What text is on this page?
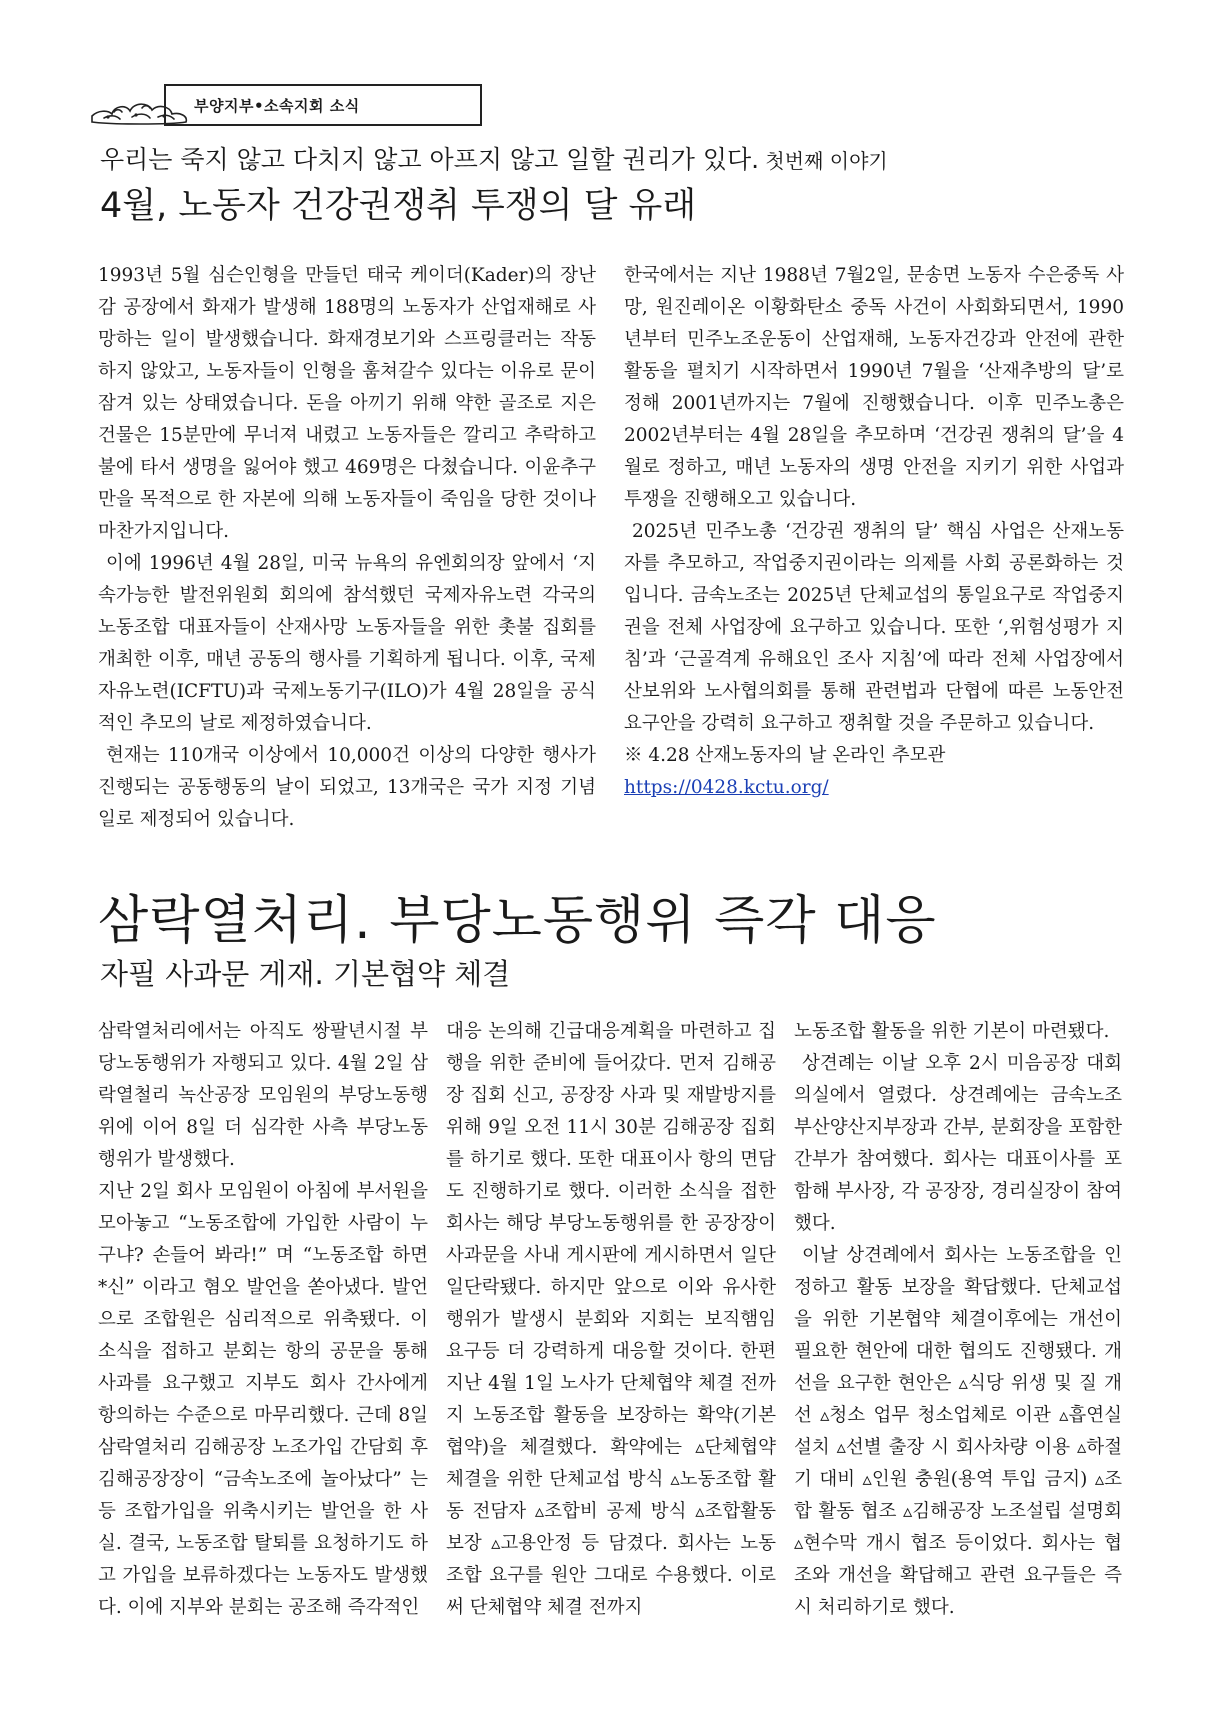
부양지부•소속지회 소식
우리는 죽지 않고 다치지 않고 아프지 않고 일할 권리가 있다. 첫번째 이야기
4월, 노동자 건강권쟁취 투쟁의 달 유래

1993년 5월 심슨인형을 만들던 태국 케이더(Kader)의 장난감 공장에서 화재가 발생해 188명의 노동자가 산업재해로 사망하는 일이 발생했습니다. 화재경보기와 스프링클러는 작동하지 않았고, 노동자들이 인형을 훔쳐갈수 있다는 이유로 문이 잠겨 있는 상태였습니다. 돈을 아끼기 위해 약한 골조로 지은 건물은 15분만에 무너져 내렸고 노동자들은 깔리고 추락하고 불에 타서 생명을 잃어야 했고 469명은 다쳤습니다. 이윤추구만을 목적으로 한 자본에 의해 노동자들이 죽임을 당한 것이나 마찬가지입니다.

이에 1996년 4월 28일, 미국 뉴욕의 유엔회의장 앞에서 ‘지속가능한 발전위원회 회의에 참석했던 국제자유노련 각국의 노동조합 대표자들이 산재사망 노동자들을 위한 촛불 집회를 개최한 이후, 매년 공동의 행사를 기획하게 됩니다. 이후, 국제자유노련(ICFTU)과 국제노동기구(ILO)가 4월 28일을 공식적인 추모의 날로 제정하였습니다.

현재는 110개국 이상에서 10,000건 이상의 다양한 행사가 진행되는 공동행동의 날이 되었고, 13개국은 국가 지정 기념일로 제정되어 있습니다.

한국에서는 지난 1988년 7월2일, 문송면 노동자 수은중독 사망, 원진레이온 이황화탄소 중독 사건이 사회화되면서, 1990년부터 민주노조운동이 산업재해, 노동자건강과 안전에 관한 활동을 펼치기 시작하면서 1990년 7월을 ‘산재추방의 달’로 정해 2001년까지는 7월에 진행했습니다. 이후 민주노총은 2002년부터는 4월 28일을 추모하며 ‘건강권 쟁취의 달’을 4월로 정하고, 매년 노동자의 생명 안전을 지키기 위한 사업과 투쟁을 진행해오고 있습니다.

2025년 민주노총 ‘건강권 쟁취의 달’ 핵심 사업은 산재노동자를 추모하고, 작업중지권이라는 의제를 사회 공론화하는 것입니다. 금속노조는 2025년 단체교섭의 통일요구로 작업중지권을 전체 사업장에 요구하고 있습니다. 또한 ‘,위험성평가 지침’과 ‘근골격계 유해요인 조사 지침’에 따라 전체 사업장에서 산보위와 노사협의회를 통해 관련법과 단협에 따른 노동안전 요구안을 강력히 요구하고 쟁취할 것을 주문하고 있습니다.

※ 4.28 산재노동자의 날 온라인 추모관

https://0428.kctu.org/

삼락열처리. 부당노동행위 즉각 대응
자필 사과문 게재. 기본협약 체결

삼락열처리에서는 아직도 쌍팔년시절 부당노동행위가 자행되고 있다. 4월 2일 삼락열철리 녹산공장 모임원의 부당노동행위에 이어 8일 더 심각한 사측 부당노동행위가 발생했다.

지난 2일 회사 모임원이 아침에 부서원을 모아놓고 “노동조합에 가입한 사람이 누구냐? 손들어 봐라!” 며 “노동조합 하면 *신” 이라고 혐오 발언을 쏟아냈다. 발언으로 조합원은 심리적으로 위축됐다. 이 소식을 접하고 분회는 항의 공문을 통해 사과를 요구했고 지부도 회사 간사에게 항의하는 수준으로 마무리했다. 근데 8일 삼락열처리 김해공장 노조가입 간담회 후 김해공장장이 “금속노조에 놀아났다” 는 등 조합가입을 위축시키는 발언을 한 사실. 결국, 노동조합 탈퇴를 요청하기도 하고 가입을 보류하겠다는 노동자도 발생했다. 이에 지부와 분회는 공조해 즉각적인

대응 논의해 긴급대응계획을 마련하고 집행을 위한 준비에 들어갔다. 먼저 김해공장 집회 신고, 공장장 사과 및 재발방지를 위해 9일 오전 11시 30분 김해공장 집회를 하기로 했다. 또한 대표이사 항의 면담도 진행하기로 했다. 이러한 소식을 접한 회사는 해당 부당노동행위를 한 공장장이 사과문을 사내 게시판에 게시하면서 일단 일단락됐다. 하지만 앞으로 이와 유사한 행위가 발생시 분회와 지회는 보직햄임 요구등 더 강력하게 대응할 것이다. 한편 지난 4월 1일 노사가 단체협약 체결 전까지 노동조합 활동을 보장하는 확약(기본협약)을 체결했다. 확약에는 ▵단체협약 체결을 위한 단체교섭 방식 ▵노동조합 활동 전담자 ▵조합비 공제 방식 ▵조합활동 보장 ▵고용안정 등 담겼다. 회사는 노동조합 요구를 원안 그대로 수용했다. 이로써 단체협약 체결 전까지

노동조합 활동을 위한 기본이 마련됐다.

상견례는 이날 오후 2시 미음공장 대회의실에서 열렸다. 상견례에는 금속노조 부산양산지부장과 간부, 분회장을 포함한 간부가 참여했다. 회사는 대표이사를 포함해 부사장, 각 공장장, 경리실장이 참여했다.

이날 상견례에서 회사는 노동조합을 인정하고 활동 보장을 확답했다. 단체교섭을 위한 기본협약 체결이후에는 개선이 필요한 현안에 대한 협의도 진행됐다. 개선을 요구한 현안은 ▵식당 위생 및 질 개선 ▵청소 업무 청소업체로 이관 ▵흡연실 설치 ▵선별 출장 시 회사차량 이용 ▵하절기 대비 ▵인원 충원(용역 투입 금지) ▵조합 활동 협조 ▵김해공장 노조설립 설명회 ▵현수막 개시 협조 등이었다. 회사는 협조와 개선을 확답해고 관련 요구들은 즉시 처리하기로 했다.
